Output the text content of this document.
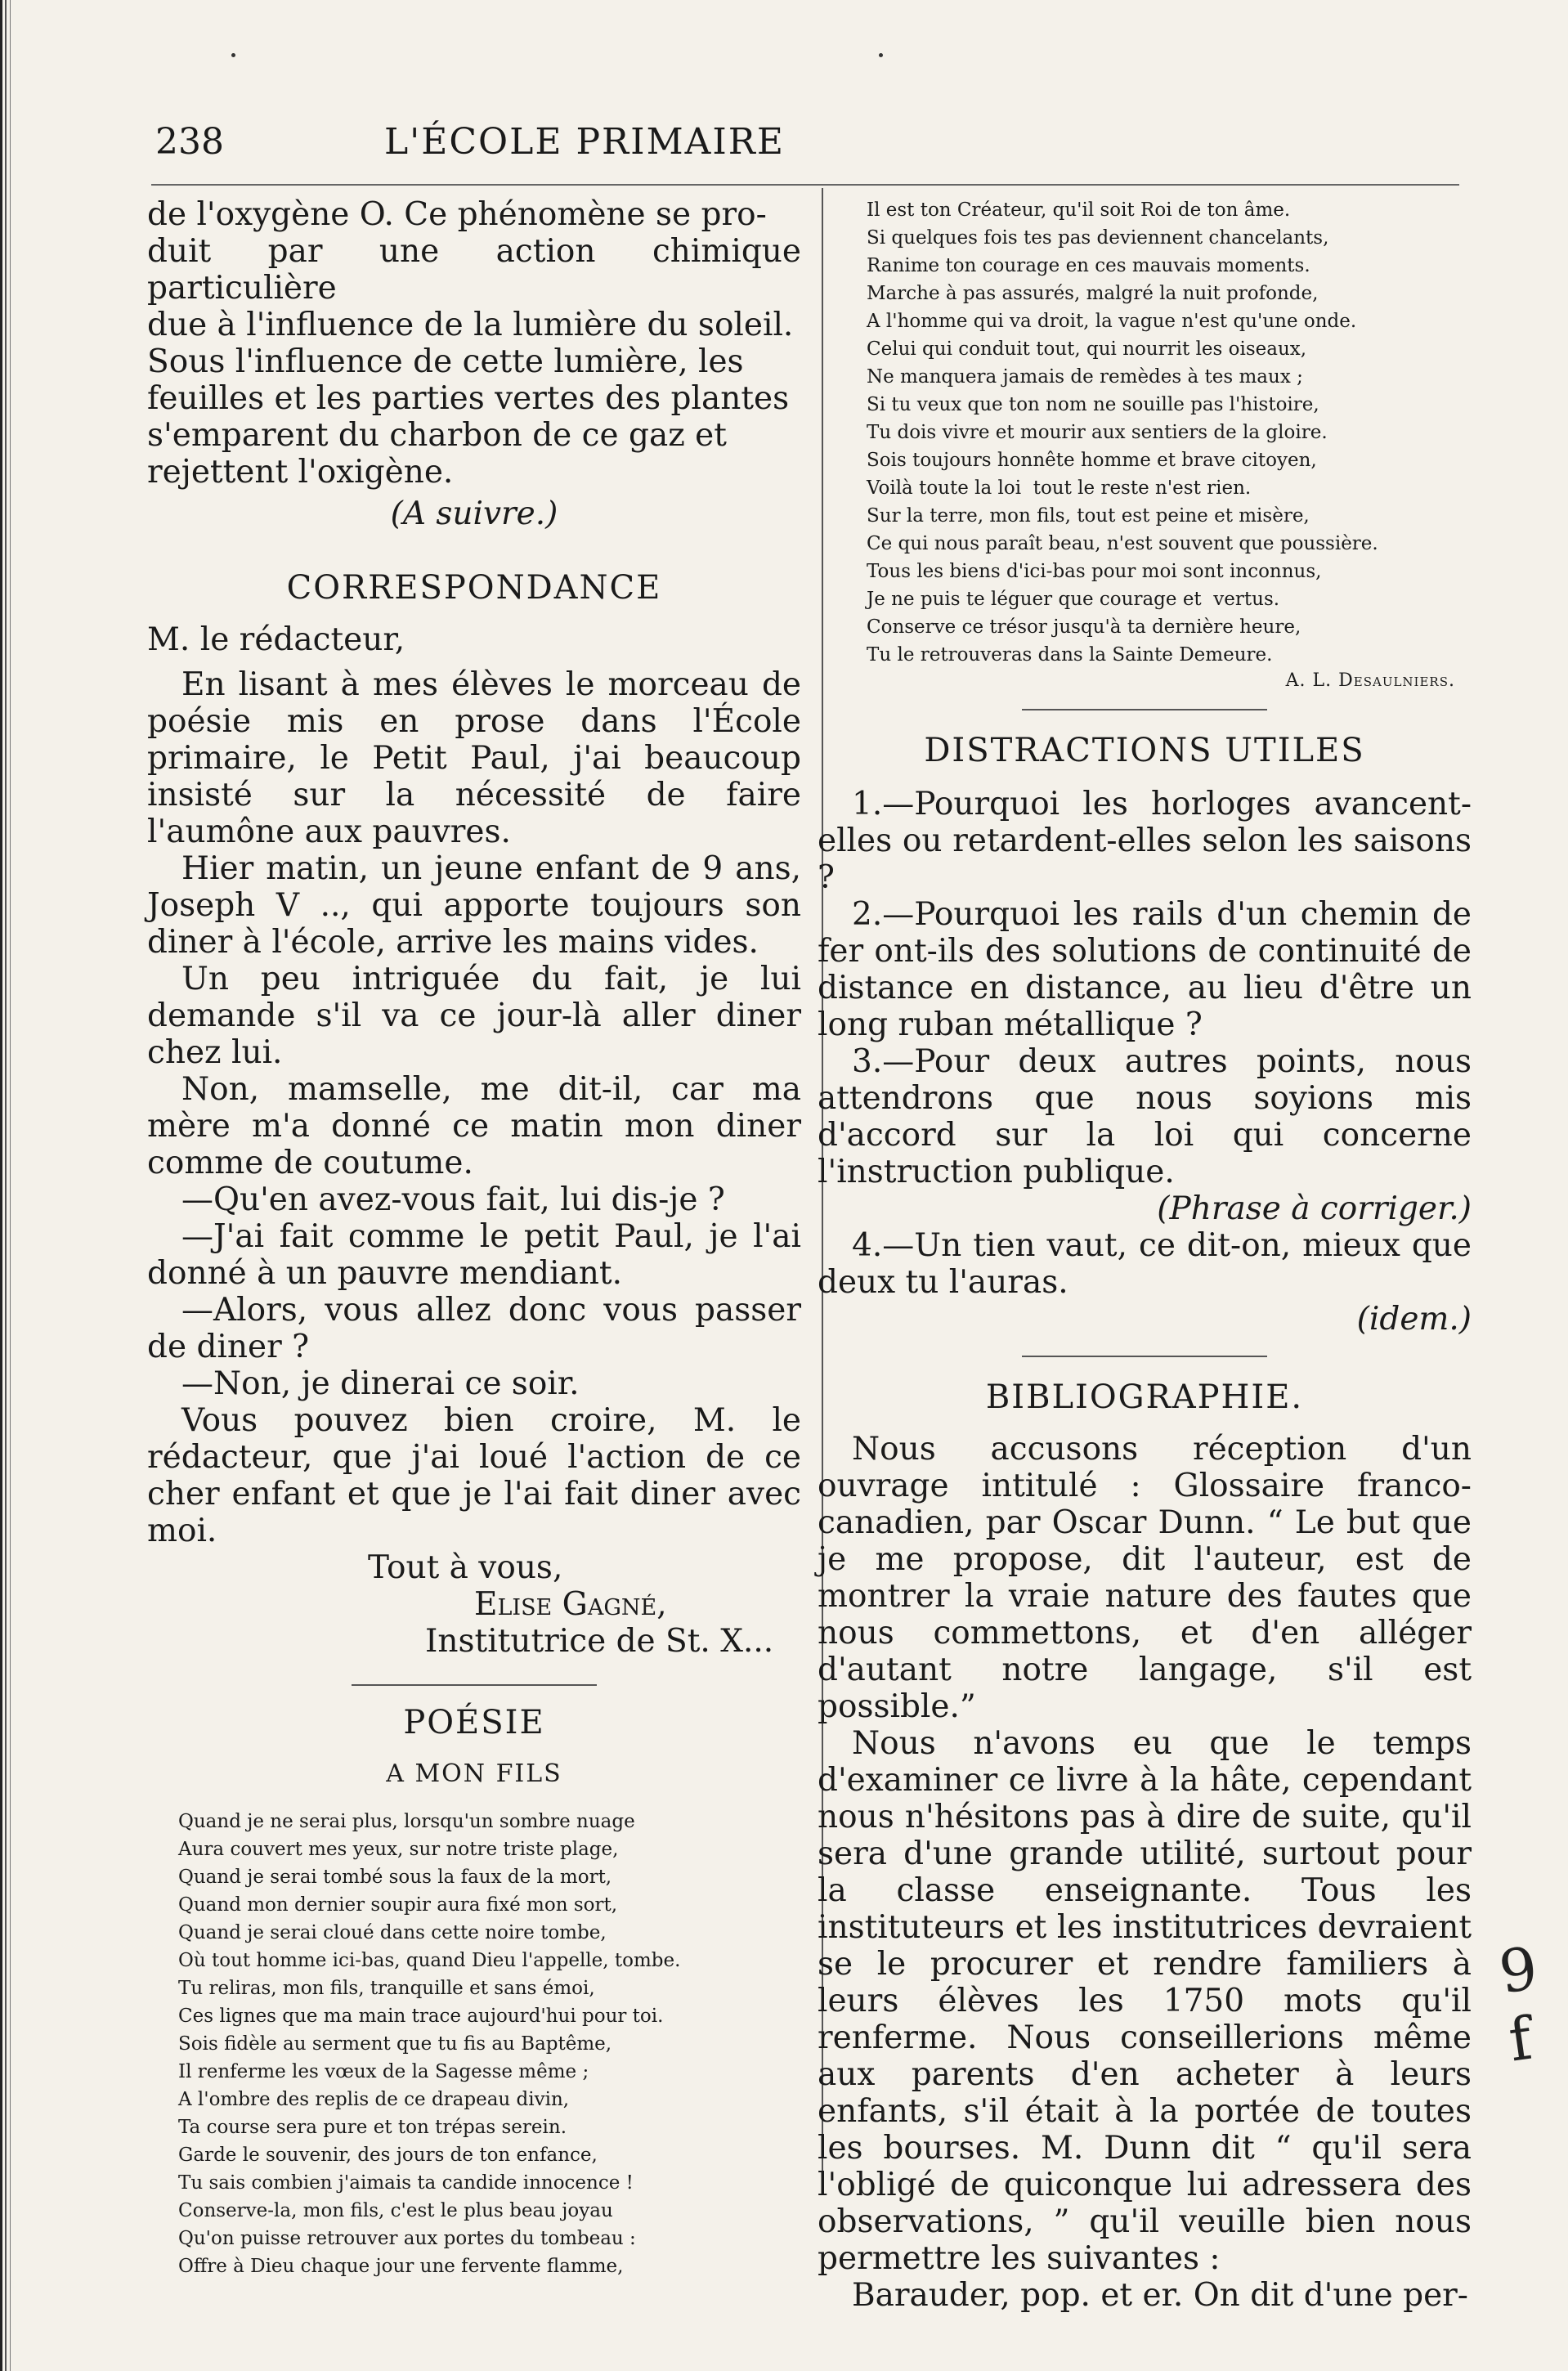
238	L'ÉCOLE PRIMAIRE

de l'oxygène O. Ce phénomène se pro-

duit par une action chimique particulière

due à l'influence de la lumière du soleil.

Sous l'influence de cette lumière, les

feuilles et les parties vertes des plantes

s'emparent du charbon de ce gaz et

rejettent l'oxigène.

(A suivre.)

CORRESPONDANCE

M. le rédacteur,

En lisant à mes élèves le morceau de poésie mis en prose dans l'École primaire, le Petit Paul, j'ai beaucoup insisté sur la nécessité de faire l'aumône aux pauvres.

Hier matin, un jeune enfant de 9 ans, Joseph V .., qui apporte toujours son diner à l'école, arrive les mains vides.

Un peu intriguée du fait, je lui demande s'il va ce jour-là aller diner chez lui.

Non, mamselle, me dit-il, car ma mère m'a donné ce matin mon diner comme de coutume.

—Qu'en avez-vous fait, lui dis-je ?

—J'ai fait comme le petit Paul, je l'ai donné à un pauvre mendiant.

—Alors, vous allez donc vous passer de diner ?

—Non, je dinerai ce soir.

Vous pouvez bien croire, M. le rédacteur, que j'ai loué l'action de ce cher enfant et que je l'ai fait diner avec moi.

Tout à vous,

Elise Gagné,

Institutrice de St. X...

POÉSIE

A MON FILS

Quand je ne serai plus, lorsqu'un sombre nuage
Aura couvert mes yeux, sur notre triste plage,
Quand je serai tombé sous la faux de la mort,
Quand mon dernier soupir aura fixé mon sort,
Quand je serai cloué dans cette noire tombe,
Où tout homme ici-bas, quand Dieu l'appelle, tombe.
Tu reliras, mon fils, tranquille et sans émoi,
Ces lignes que ma main trace aujourd'hui pour toi.
Sois fidèle au serment que tu fis au Baptême,
Il renferme les vœux de la Sagesse même ;
A l'ombre des replis de ce drapeau divin,
Ta course sera pure et ton trépas serein.
Garde le souvenir, des jours de ton enfance,
Tu sais combien j'aimais ta candide innocence !
Conserve-la, mon fils, c'est le plus beau joyau
Qu'on puisse retrouver aux portes du tombeau :
Offre à Dieu chaque jour une fervente flamme,
Il est ton Créateur, qu'il soit Roi de ton âme.
Si quelques fois tes pas deviennent chancelants,
Ranime ton courage en ces mauvais moments.
Marche à pas assurés, malgré la nuit profonde,
A l'homme qui va droit, la vague n'est qu'une onde.
Celui qui conduit tout, qui nourrit les oiseaux,
Ne manquera jamais de remèdes à tes maux ;
Si tu veux que ton nom ne souille pas l'histoire,
Tu dois vivre et mourir aux sentiers de la gloire.
Sois toujours honnête homme et brave citoyen,
Voilà toute la loi  tout le reste n'est rien.
Sur la terre, mon fils, tout est peine et misère,
Ce qui nous paraît beau, n'est souvent que poussière.
Tous les biens d'ici-bas pour moi sont inconnus,
Je ne puis te léguer que courage et  vertus.
Conserve ce trésor jusqu'à ta dernière heure,
Tu le retrouveras dans la Sainte Demeure.

A. L. Desaulniers.

DISTRACTIONS UTILES

1.—Pourquoi les horloges avancent-elles ou retardent-elles selon les saisons ?

2.—Pourquoi les rails d'un chemin de fer ont-ils des solutions de continuité de distance en distance, au lieu d'être un long ruban métallique ?

3.—Pour deux autres points, nous attendrons que nous soyions mis d'accord sur la loi qui concerne l'instruction publique.

(Phrase à corriger.)

4.—Un tien vaut, ce dit-on, mieux que deux tu l'auras.

(idem.)

BIBLIOGRAPHIE.

Nous accusons réception d'un ouvrage intitulé : Glossaire franco-canadien, par Oscar Dunn. “ Le but que je me propose, dit l'auteur, est de montrer la vraie nature des fautes que nous commettons, et d'en alléger d'autant notre langage, s'il est possible.”

Nous n'avons eu que le temps d'examiner ce livre à la hâte, cependant nous n'hésitons pas à dire de suite, qu'il sera d'une grande utilité, surtout pour la classe enseignante. Tous les instituteurs et les institutrices devraient se le procurer et rendre familiers à leurs élèves les 1750 mots qu'il renferme. Nous conseillerions même aux parents d'en acheter à leurs enfants, s'il était à la portée de toutes les bourses. M. Dunn dit “ qu'il sera l'obligé de quiconque lui adressera des observations, ” qu'il veuille bien nous permettre les suivantes :

Barauder, pop. et er. On dit d'une per-

9 f
